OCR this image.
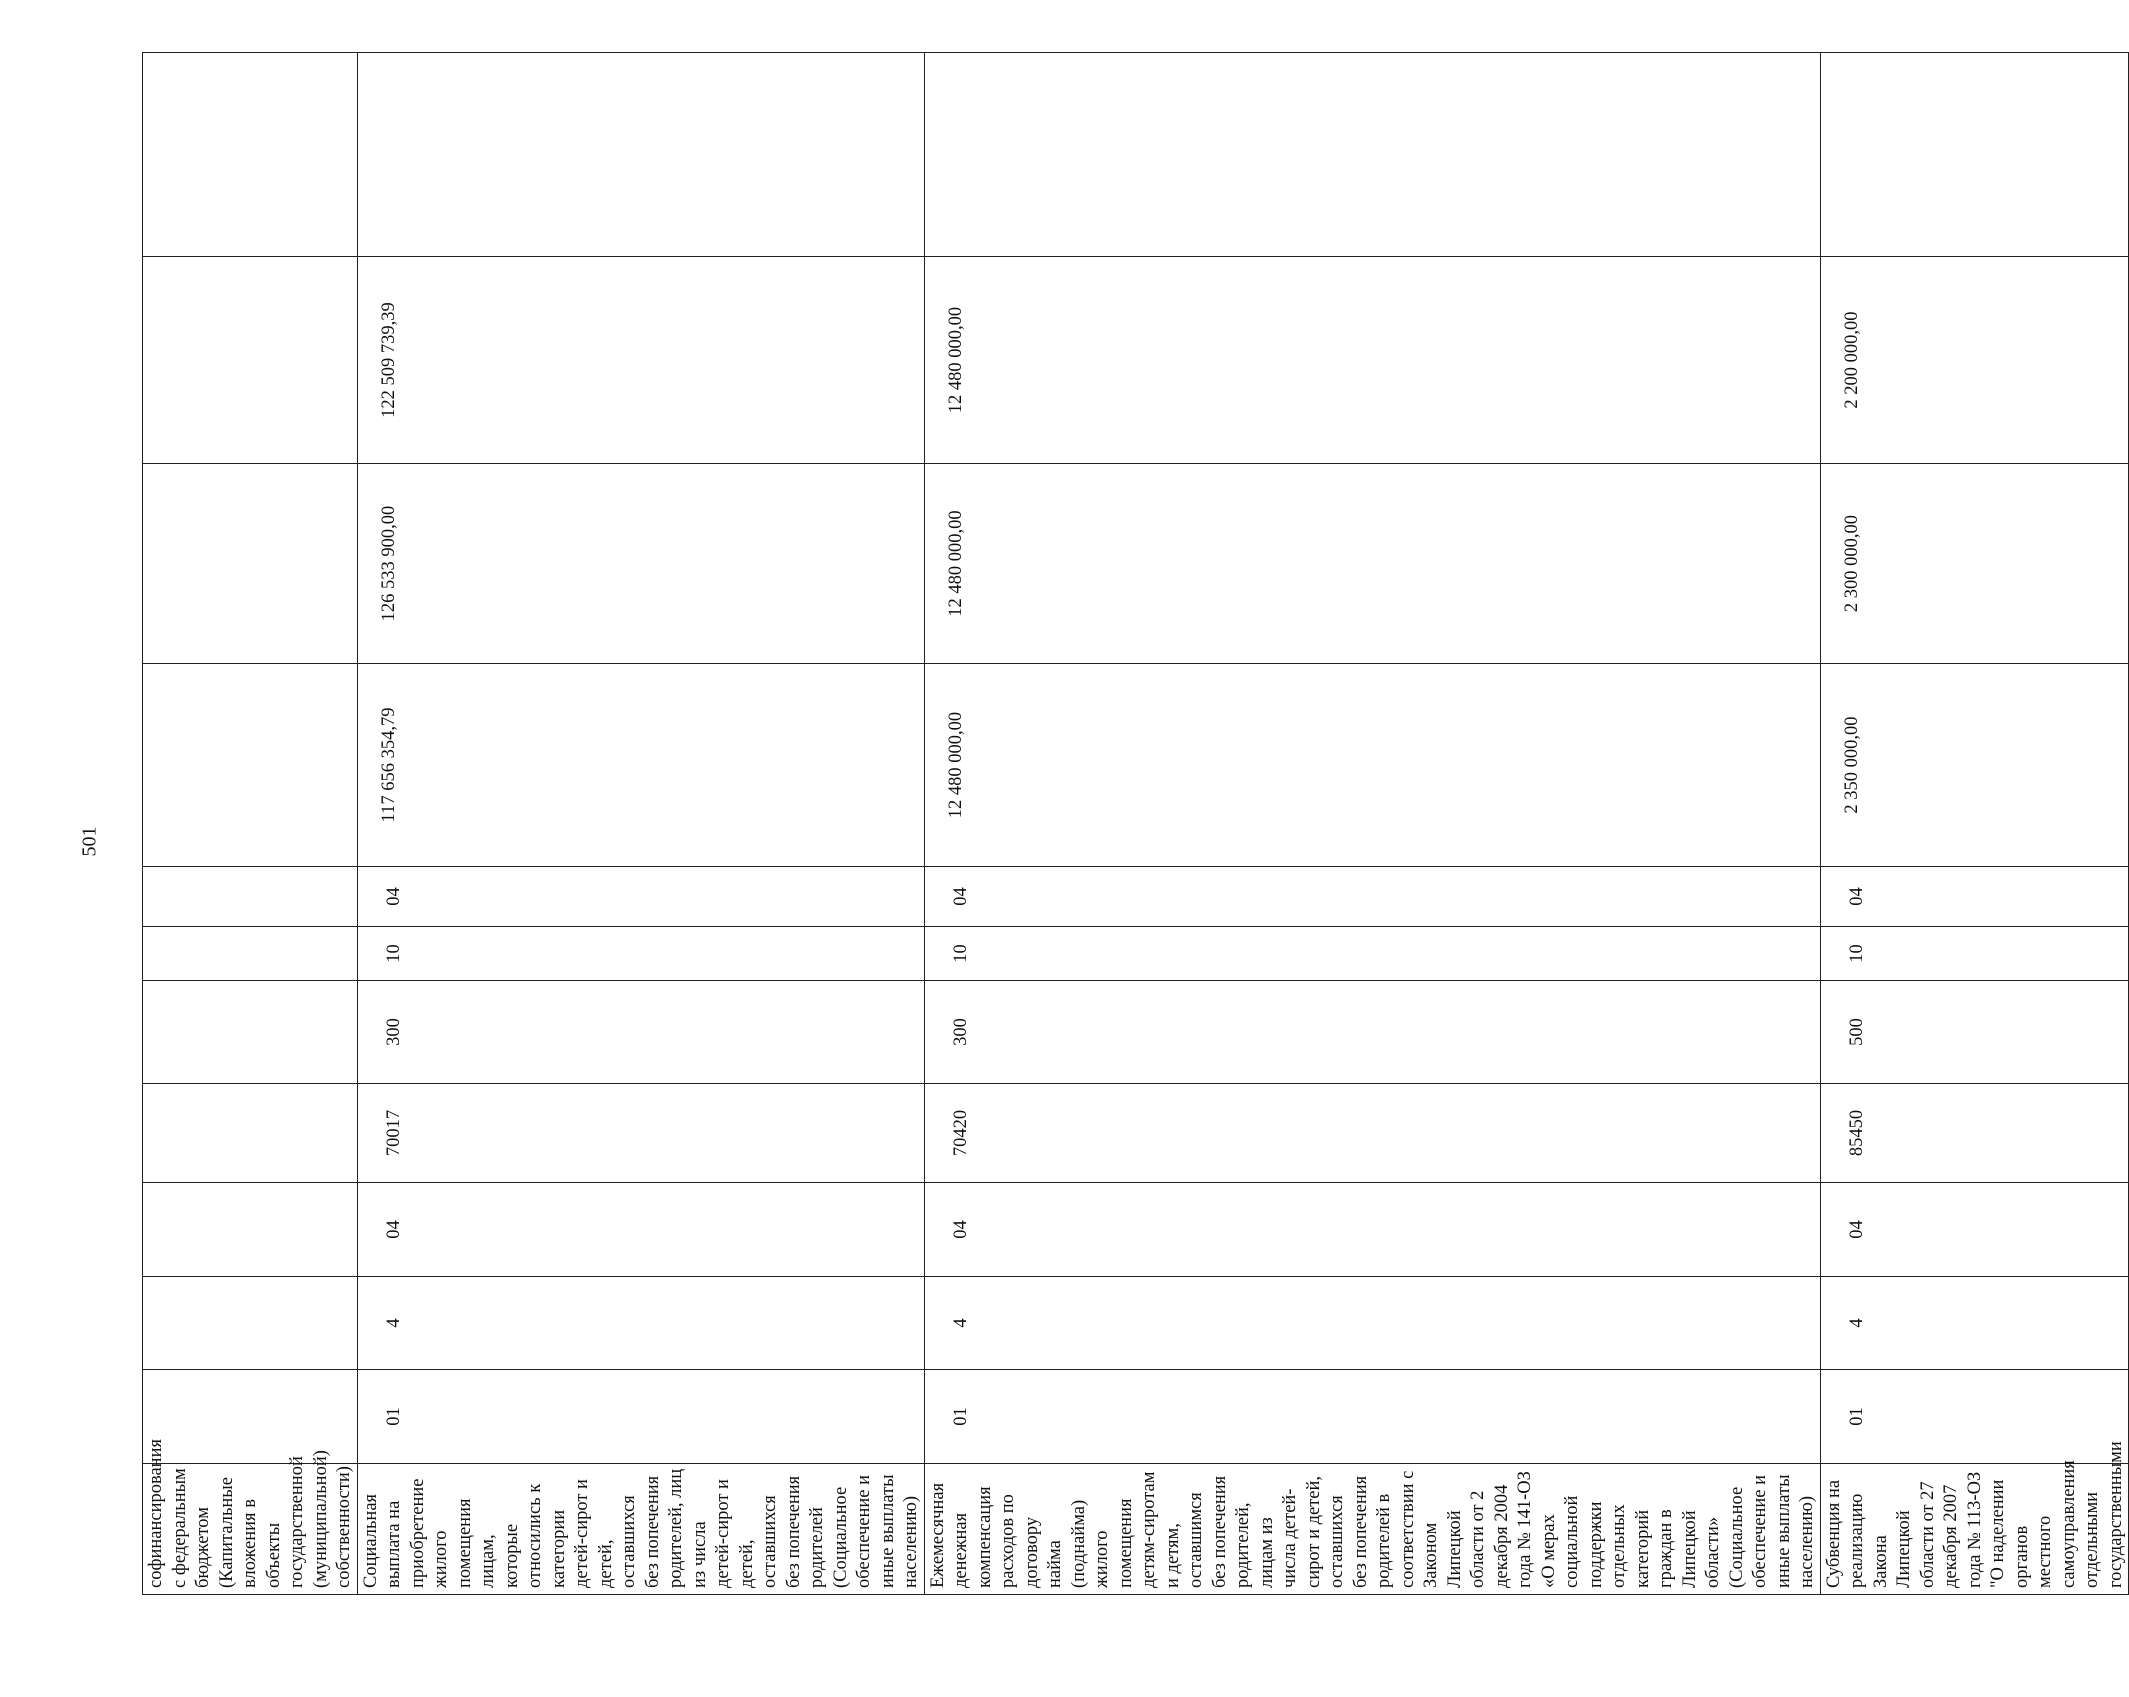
501
софинансирования с федеральным бюджетом (Капитальные вложения в объекты государственной (муниципальной) собственности)											
Социальная выплата на приобретение жилого помещения лицам, которые относились к категории детей-сирот и детей, оставшихся без попечения родителей, лиц из числа детей-сирот и детей, оставшихся без попечения родителей (Социальное обеспечение и иные выплаты населению)	01	4	04	70017	300	10	04	117 656 354,79	126 533 900,00	122 509 739,39	
Ежемесячная денежная компенсация расходов по договору найма (поднайма) жилого помещения детям-сиротам и детям, оставшимся без попечения родителей, лицам из числа детей-сирот и детей, оставшихся без попечения родителей в соответствии с Законом Липецкой области от 2 декабря 2004 года № 141-ОЗ «О мерах социальной поддержки отдельных категорий граждан в Липецкой области» (Социальное обеспечение и иные выплаты населению)	01	4	04	70420	300	10	04	12 480 000,00	12 480 000,00	12 480 000,00	
Субвенция на реализацию Закона Липецкой области от 27 декабря 2007 года № 113-ОЗ "О наделении органов местного самоуправления отдельными государственными	01	4	04	85450	500	10	04	2 350 000,00	2 300 000,00	2 200 000,00	
